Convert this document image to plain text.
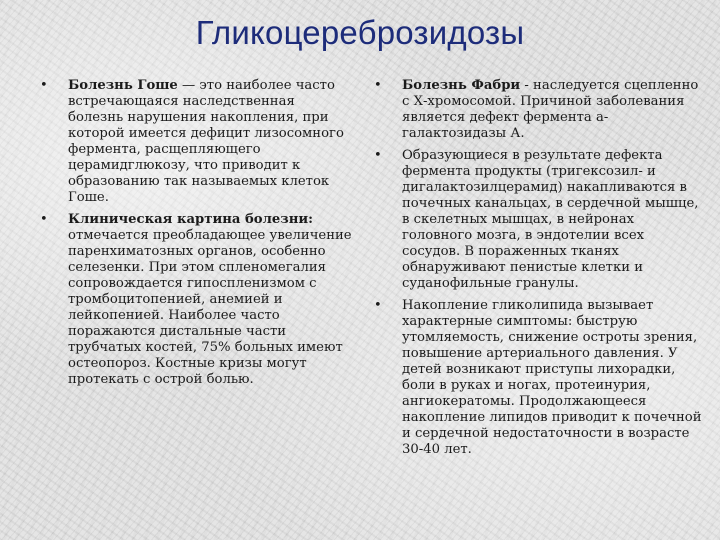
Гликоцереброзидозы
• Болезнь Гоше — это наиболее часто встречающаяся наследственная болезнь нарушения накопления, при которой имеется дефицит лизосомного фермента, расщепляющего церамидглюкозу, что приводит к образованию так называемых клеток Гоше.
• Клиническая картина болезни: отмечается преобладающее увеличение паренхиматозных органов, особенно селезенки. При этом спленомегалия сопровождается гипоспленизмом с тромбоцитопенией, анемией и лейкопенией. Наиболее часто поражаются дистальные части трубчатых костей, 75% больных имеют остеопороз. Костные кризы могут протекать с острой болью.
• Болезнь Фабри - наследуется сцепленно с Х-хромосомой. Причиной заболевания является дефект фермента а-галактозидазы А.
• Образующиеся в результате дефекта фермента продукты (тригексозил- и дигалактозилцерамид) накапливаются в почечных канальцах, в сердечной мышце, в скелетных мышцах, в нейронах головного мозга, в эндотелии всех сосудов. В пораженных тканях обнаруживают пенистые клетки и суданофильные гранулы.
• Накопление гликолипида вызывает характерные симптомы: быструю утомляемость, снижение остроты зрения, повышение артериального давления. У детей возникают приступы лихорадки, боли в руках и ногах, протеинурия, ангиокератомы. Продолжающееся накопление липидов приводит к почечной и сердечной недостаточности в возрасте 30-40 лет.
